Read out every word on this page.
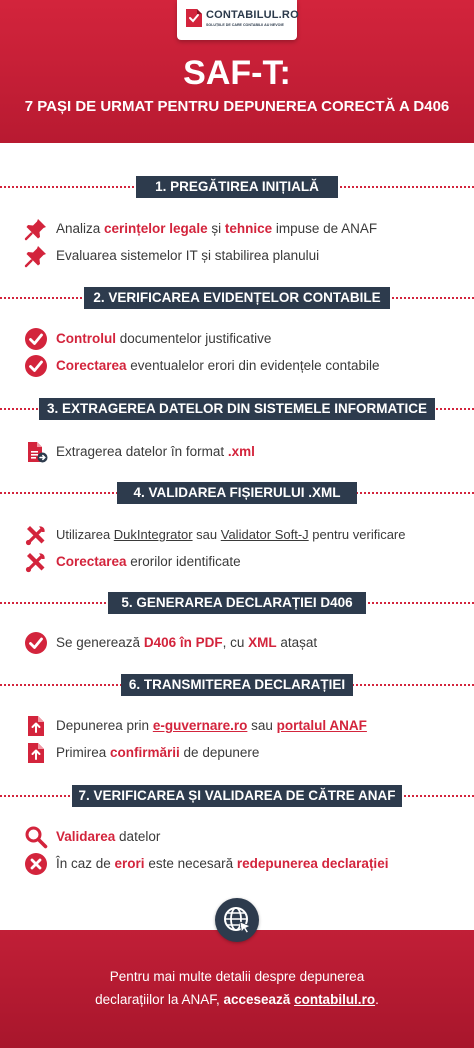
CONTABILUL.RO
SOLUȚIILE DE CARE CONTABILII AU NEVOIE
SAF-T:
7 PAȘI DE URMAT PENTRU DEPUNEREA CORECTĂ A D406
1. PREGĂTIREA INIȚIALĂ
Analiza cerințelor legale și tehnice impuse de ANAF
Evaluarea sistemelor IT și stabilirea planului
2. VERIFICAREA EVIDENȚELOR CONTABILE
Controlul documentelor justificative
Corectarea eventualelor erori din evidențele contabile
3. EXTRAGEREA DATELOR DIN SISTEMELE INFORMATICE
Extragerea datelor în format .xml
4. VALIDAREA FIȘIERULUI .XML
Utilizarea DukIntegrator sau Validator Soft-J pentru verificare
Corectarea erorilor identificate
5. GENERAREA DECLARAȚIEI D406
Se generează D406 în PDF, cu XML atașat
6. TRANSMITEREA DECLARAȚIEI
Depunerea prin e-guvernare.ro sau portalul ANAF
Primirea confirmării de depunere
7. VERIFICAREA ȘI VALIDAREA DE CĂTRE ANAF
Validarea datelor
În caz de erori este necesară redepunerea declarației
Pentru mai multe detalii despre depunerea
declarațiilor la ANAF, accesează contabilul.ro.
